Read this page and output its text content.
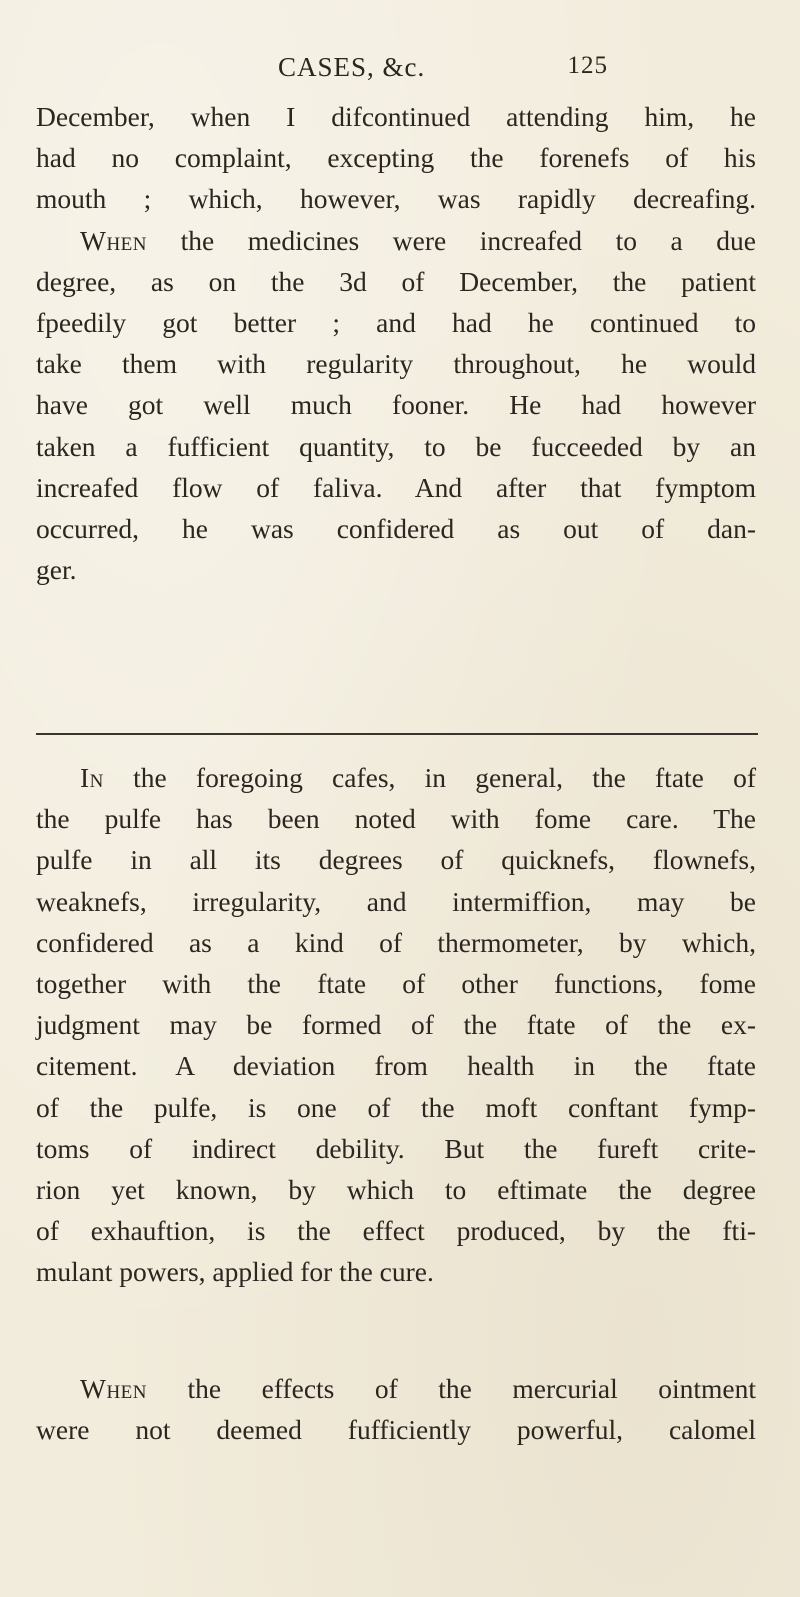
CASES, &c.	125
December, when I difcontinued attending him, he
had no complaint, excepting the forenefs of his
mouth ; which, however, was rapidly decreafing.
When the medicines were increafed to a due
degree, as on the 3d of December, the patient
fpeedily got better ; and had he continued to
take them with regularity throughout, he would
have got well much fooner. He had however
taken a fufficient quantity, to be fucceeded by an
increafed flow of faliva. And after that fymptom
occurred, he was confidered as out of dan-
ger.
In the foregoing cafes, in general, the ftate of
the pulfe has been noted with fome care. The
pulfe in all its degrees of quicknefs, flownefs,
weaknefs, irregularity, and intermiffion, may be
confidered as a kind of thermometer, by which,
together with the ftate of other functions, fome
judgment may be formed of the ftate of the ex-
citement. A deviation from health in the ftate
of the pulfe, is one of the moft conftant fymp-
toms of indirect debility. But the fureft crite-
rion yet known, by which to eftimate the degree
of exhauftion, is the effect produced, by the fti-
mulant powers, applied for the cure.
When the effects of the mercurial ointment
were not deemed fufficiently powerful, calomel
